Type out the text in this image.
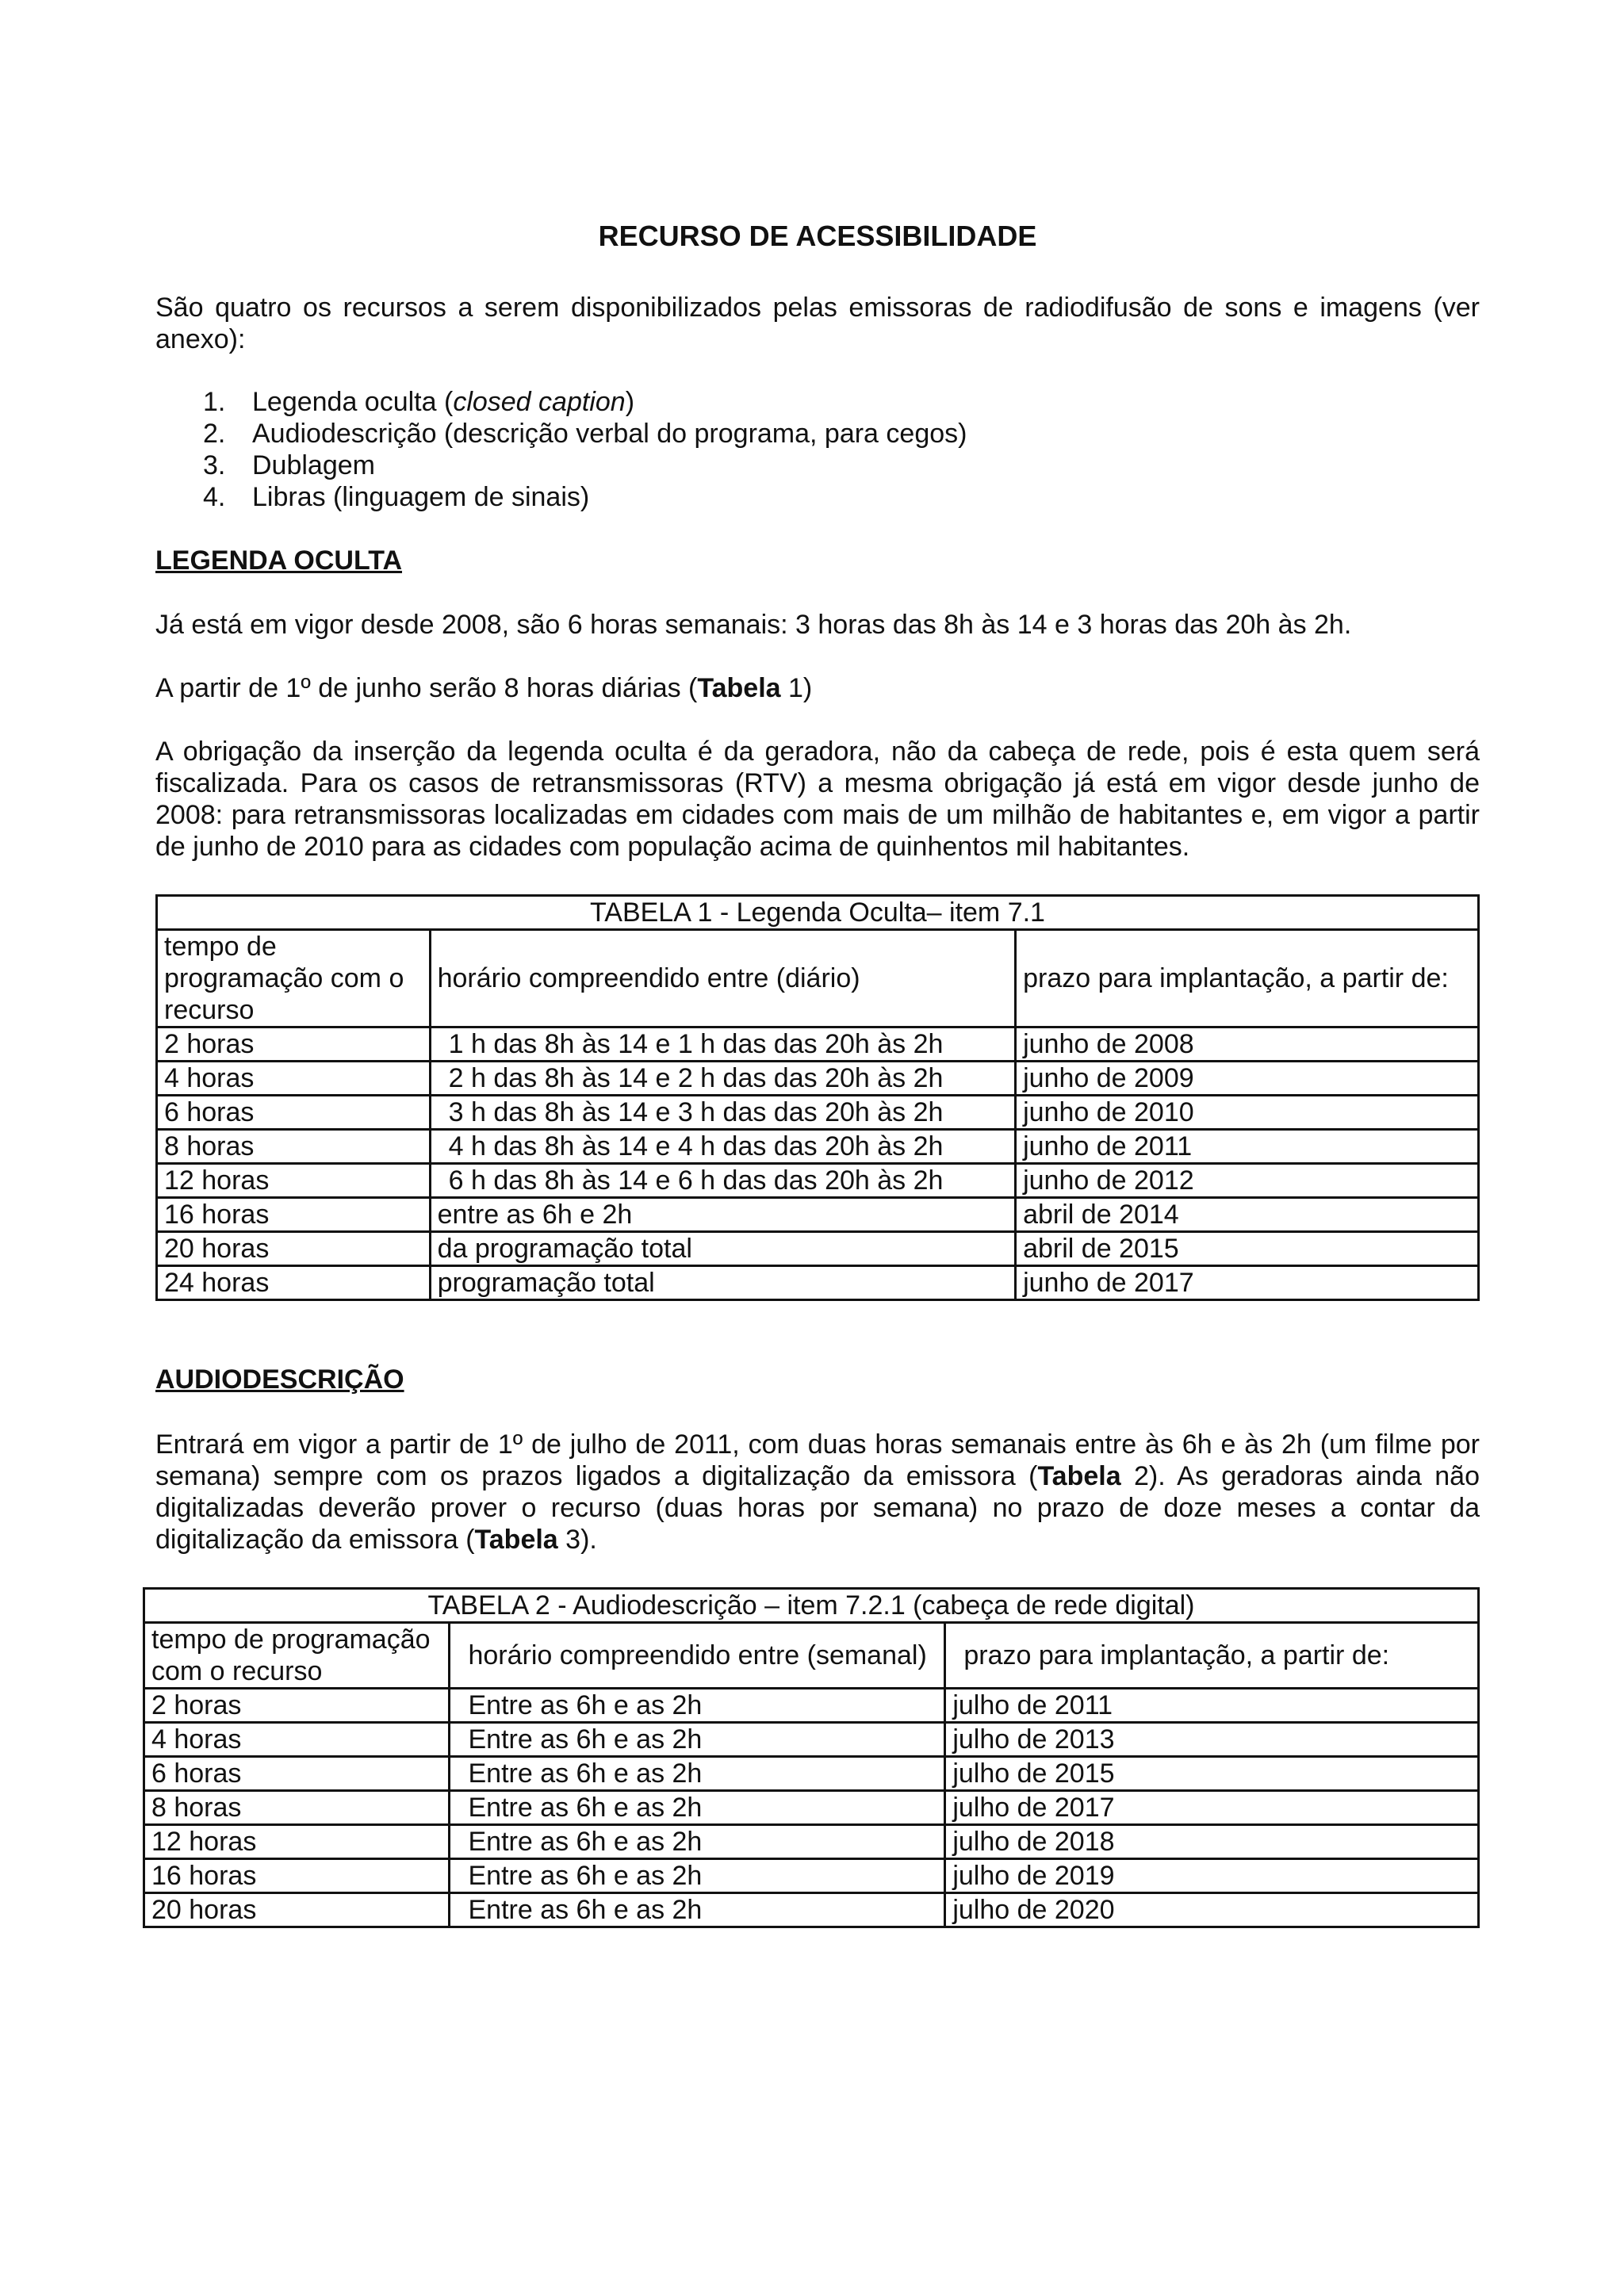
RECURSO DE ACESSIBILIDADE
São quatro os recursos a serem disponibilizados pelas emissoras de radiodifusão de sons e imagens (ver anexo):
1. Legenda oculta (closed caption)
2. Audiodescrição (descrição verbal do programa, para cegos)
3. Dublagem
4. Libras (linguagem de sinais)
LEGENDA OCULTA
Já está em vigor desde 2008, são 6 horas semanais: 3 horas das 8h às 14 e 3 horas das 20h às 2h.
A partir de 1º de junho serão 8 horas diárias (Tabela 1)
A obrigação da inserção da legenda oculta é da geradora, não da cabeça de rede, pois é esta quem será fiscalizada. Para os casos de retransmissoras (RTV) a mesma obrigação já está em vigor desde junho de 2008: para retransmissoras localizadas em cidades com mais de um milhão de habitantes e, em vigor a partir de junho de 2010 para as cidades com população acima de quinhentos mil habitantes.
AUDIODESCRIÇÃO
Entrará em vigor a partir de 1º de julho de 2011, com duas horas semanais entre às 6h e às 2h (um filme por semana) sempre com os prazos ligados a digitalização da emissora (Tabela 2). As geradoras ainda não digitalizadas deverão prover o recurso (duas horas por semana) no prazo de doze meses a contar da digitalização da emissora (Tabela 3).
TABELA 1 - Legenda Oculta– item 7.1		
tempo de programação com o recurso	horário compreendido entre (diário)	prazo para implantação, a partir de:
2 horas	1 h das 8h às 14 e 1 h das das 20h às 2h	junho de 2008
4 horas	2 h das 8h às 14 e 2 h das das 20h às 2h	junho de 2009
6 horas	3 h das 8h às 14 e 3 h das das 20h às 2h	junho de 2010
8 horas	4 h das 8h às 14 e 4 h das das 20h às 2h	junho de 2011
12 horas	6 h das 8h às 14 e 6 h das das 20h às 2h	junho de 2012
16 horas	entre as 6h e 2h	abril de 2014
20 horas	da programação total	abril de 2015
24 horas	programação total	junho de 2017
TABELA 2 - Audiodescrição – item 7.2.1 (cabeça de rede digital)		
tempo de programação com o recurso	horário compreendido entre (semanal)	prazo para implantação, a partir de:
2 horas	Entre as 6h e as 2h	julho de 2011
4 horas	Entre as 6h e as 2h	julho de 2013
6 horas	Entre as 6h e as 2h	julho de 2015
8 horas	Entre as 6h e as 2h	julho de 2017
12 horas	Entre as 6h e as 2h	julho de 2018
16 horas	Entre as 6h e as 2h	julho de 2019
20 horas	Entre as 6h e as 2h	julho de 2020
